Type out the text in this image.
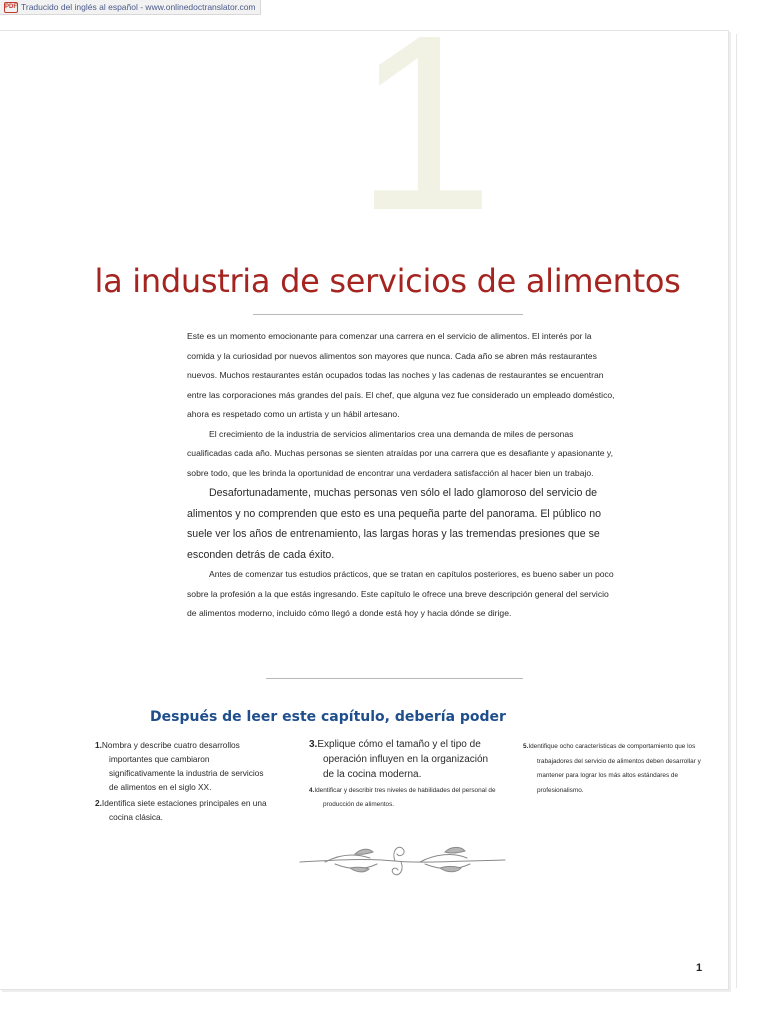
PDF Traducido del inglés al español - www.onlinedoctranslator.com 1
la industria de servicios de alimentos

Este es un momento emocionante para comenzar una carrera en el servicio de alimentos. El interés por la comida y la curiosidad por nuevos alimentos son mayores que nunca. Cada año se abren más restaurantes nuevos. Muchos restaurantes están ocupados todas las noches y las cadenas de restaurantes se encuentran entre las corporaciones más grandes del país. El chef, que alguna vez fue considerado un empleado doméstico, ahora es respetado como un artista y un hábil artesano.

El crecimiento de la industria de servicios alimentarios crea una demanda de miles de personas cualificadas cada año. Muchas personas se sienten atraídas por una carrera que es desafiante y apasionante y, sobre todo, que les brinda la oportunidad de encontrar una verdadera satisfacción al hacer bien un trabajo.

Desafortunadamente, muchas personas ven sólo el lado glamoroso del servicio de alimentos y no comprenden que esto es una pequeña parte del panorama. El público no suele ver los años de entrenamiento, las largas horas y las tremendas presiones que se esconden detrás de cada éxito.

Antes de comenzar tus estudios prácticos, que se tratan en capítulos posteriores, es bueno saber un poco sobre la profesión a la que estás ingresando. Este capítulo le ofrece una breve descripción general del servicio de alimentos moderno, incluido cómo llegó a donde está hoy y hacia dónde se dirige.

Después de leer este capítulo, debería poder

1.Nombra y describe cuatro desarrollos importantes que cambiaron significativamente la industria de servicios de alimentos en el siglo XX.

2.Identifica siete estaciones principales en una cocina clásica.

3.Explique cómo el tamaño y el tipo de operación influyen en la organización de la cocina moderna.

4.Identificar y describir tres niveles de habilidades del personal de producción de alimentos.

5.Identifique ocho características de comportamiento que los trabajadores del servicio de alimentos deben desarrollar y mantener para lograr los más altos estándares de profesionalismo.

1
